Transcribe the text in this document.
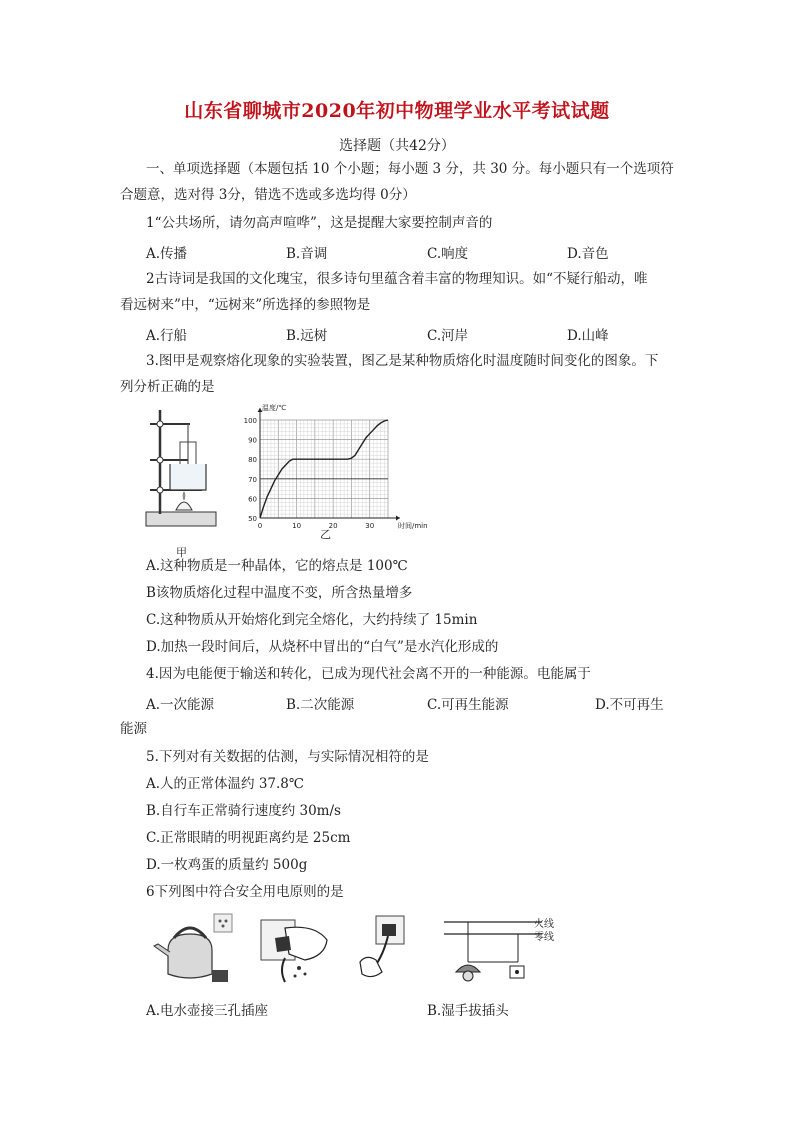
山东省聊城市2020年初中物理学业水平考试试题
选择题（共42分）
一、单项选择题（本题包括 10 个小题；每小题 3 分，共 30 分。每小题只有一个选项符
合题意，选对得 3分，错选不选或多选均得 0分）
1“公共场所，请勿高声喧哗”，这是提醒大家要控制声音的
A.传播	B.音调	C.响度	D.音色
2古诗词是我国的文化瑰宝，很多诗句里蕴含着丰富的物理知识。如“不疑行船动，唯
看远树来”中，“远树来”所选择的参照物是
A.行船	B.远树	C.河岸	D.山峰
3.图甲是观察熔化现象的实验装置，图乙是某种物质熔化时温度随时间变化的图象。下
列分析正确的是
甲
50
60
70
80
90
100
0	10	20	30
温度/℃
时间/min
乙
A.这种物质是一种晶体，它的熔点是 100℃
B该物质熔化过程中温度不变，所含热量增多
C.这种物质从开始熔化到完全熔化，大约持续了 15min
D.加热一段时间后，从烧杯中冒出的“白气”是水汽化形成的
4.因为电能便于输送和转化，已成为现代社会离不开的一种能源。电能属于
A.一次能源	B.二次能源	C.可再生能源	D.不可再生
能源
5.下列对有关数据的估测，与实际情况相符的是
A.人的正常体温约 37.8℃
B.自行车正常骑行速度约 30m/s
C.正常眼睛的明视距离约是 25cm
D.一枚鸡蛋的质量约 500g
6下列图中符合安全用电原则的是
火线
零线
A.电水壶接三孔插座	B.湿手拔插头
